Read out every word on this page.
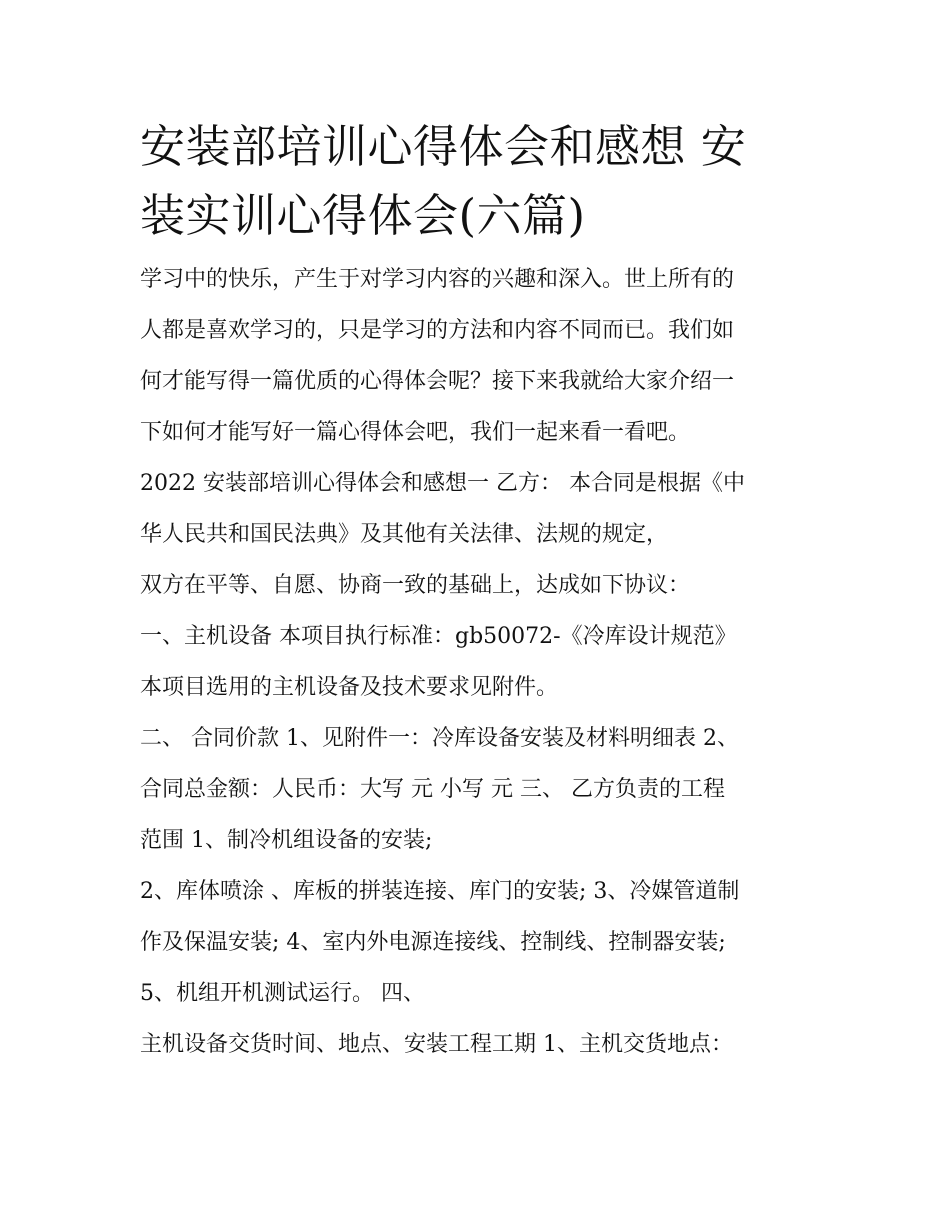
安装部培训心得体会和感想 安
装实训心得体会(六篇)
学习中的快乐，产生于对学习内容的兴趣和深入。世上所有的
人都是喜欢学习的，只是学习的方法和内容不同而已。我们如
何才能写得一篇优质的心得体会呢？接下来我就给大家介绍一
下如何才能写好一篇心得体会吧，我们一起来看一看吧。
2022 安装部培训心得体会和感想一 乙方： 本合同是根据《中
华人民共和国民法典》及其他有关法律、法规的规定，
双方在平等、自愿、协商一致的基础上，达成如下协议：
一、主机设备 本项目执行标准：gb50072-《冷库设计规范》
本项目选用的主机设备及技术要求见附件。
二、 合同价款 1、见附件一：冷库设备安装及材料明细表 2、
合同总金额：人民币：大写 元 小写 元 三、 乙方负责的工程
范围 1、制冷机组设备的安装;
2、库体喷涂 、库板的拼装连接、库门的安装; 3、冷媒管道制
作及保温安装; 4、室内外电源连接线、控制线、控制器安装;
5、机组开机测试运行。 四、
主机设备交货时间、地点、安装工程工期 1、主机交货地点：
